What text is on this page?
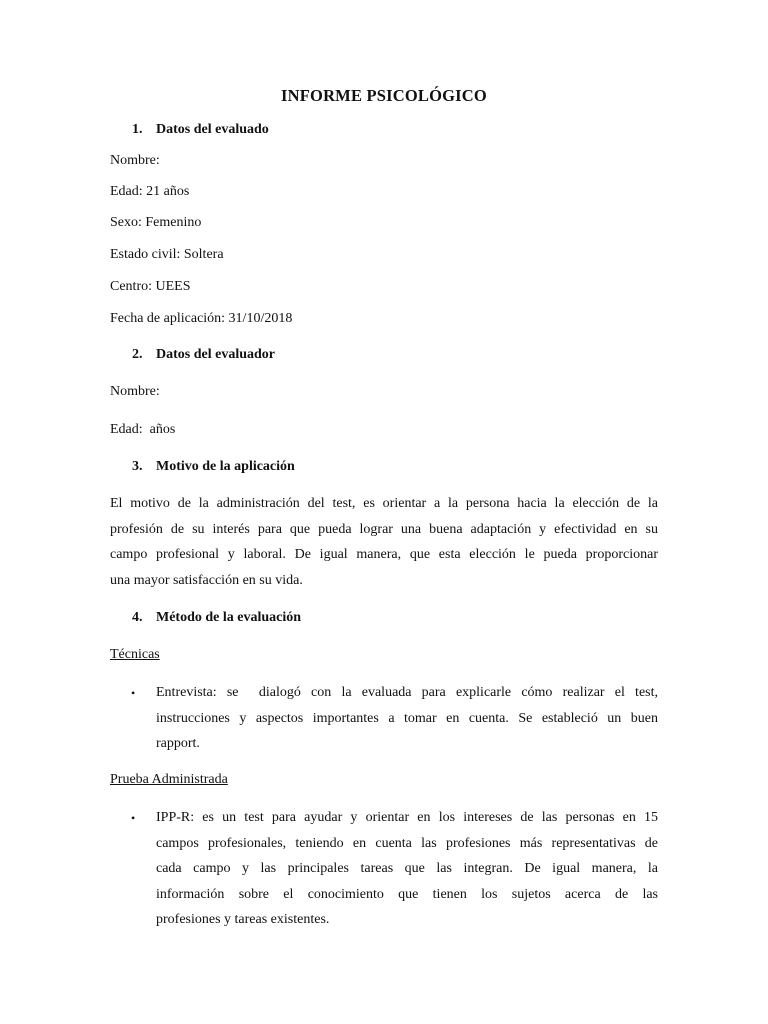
INFORME PSICOLÓGICO
1. Datos del evaluado
Nombre:
Edad: 21 años
Sexo: Femenino
Estado civil: Soltera
Centro: UEES
Fecha de aplicación: 31/10/2018
2. Datos del evaluador
Nombre:
Edad:  años
3. Motivo de la aplicación
El motivo de la administración del test, es orientar a la persona hacia la elección de la
profesión de su interés para que pueda lograr una buena adaptación y efectividad en su
campo profesional y laboral. De igual manera, que esta elección le pueda proporcionar
una mayor satisfacción en su vida.
4. Método de la evaluación
Técnicas
• Entrevista: se  dialogó con la evaluada para explicarle cómo realizar el test,
instrucciones y aspectos importantes a tomar en cuenta. Se estableció un buen
rapport.
Prueba Administrada
• IPP-R: es un test para ayudar y orientar en los intereses de las personas en 15
campos profesionales, teniendo en cuenta las profesiones más representativas de
cada campo y las principales tareas que las integran. De igual manera, la
información sobre el conocimiento que tienen los sujetos acerca de las
profesiones y tareas existentes.
